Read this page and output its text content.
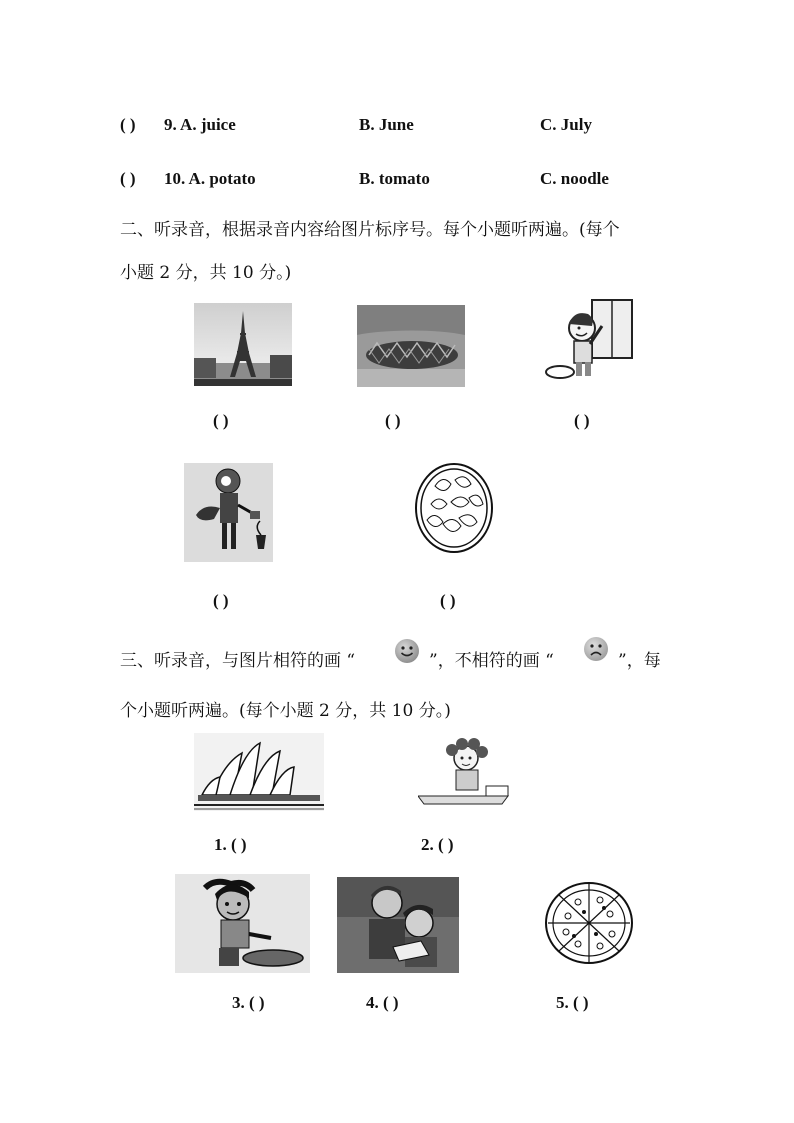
( ) 9. A. juice	B. June	C. July
( ) 10. A. potato	B. tomato	C. noodle
二、听录音，根据录音内容给图片标序号。每个小题听两遍。(每个
小题 2 分，共 10 分。)
( )	( )	( )
( )	( )
三、听录音，与图片相符的画 “	”，不相符的画 “	”，每
个小题听两遍。(每个小题 2 分，共 10 分。)
1. ( )	2. ( )
3. ( )	4. ( )	5. ( )
